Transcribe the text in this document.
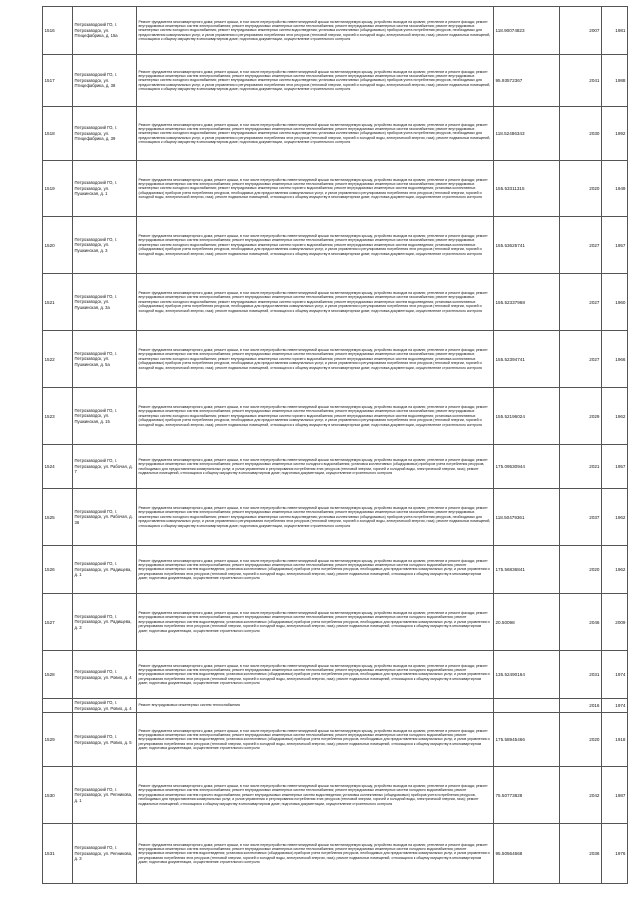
1516	Петрозаводский ГО, г. Петрозаводск, ул. Птицефабрика, д. 15а	Ремонт фундамента многоквартирного дома; ремонт крыши, в том числе переустройство невентилируемой крыши на вентилируемую крышу, устройство выходов на кровлю; утепление и ремонт фасада; ремонт внутридомовых инженерных систем электроснабжения; ремонт внутридомовых инженерных систем теплоснабжения; ремонт внутридомовых инженерных систем газоснабжения; ремонт внутридомовых инженерных систем холодного водоснабжения; ремонт внутридомовых инженерных систем водоотведения; установка коллективных (общедомовых) приборов учета потребления ресурсов, необходимых для предоставления коммунальных услуг, и узлов управления и регулирования потребления этих ресурсов (тепловой энергии, горячей и холодной воды, электрической энергии, газа); ремонт подвальных помещений, относящихся к общему имуществу в многоквартирном доме; подготовка документации, осуществление строительного контроля	118.90074823	2007	1981
1517	Петрозаводский ГО, г. Петрозаводск, ул. Птицефабрика, д. 38	Ремонт фундамента многоквартирного дома; ремонт крыши, в том числе переустройство невентилируемой крыши на вентилируемую крышу, устройство выходов на кровлю; утепление и ремонт фасада; ремонт внутридомовых инженерных систем электроснабжения; ремонт внутридомовых инженерных систем теплоснабжения; ремонт внутридомовых инженерных систем газоснабжения; ремонт внутридомовых инженерных систем холодного водоснабжения; ремонт внутридомовых инженерных систем водоотведения; установка коллективных (общедомовых) приборов учета потребления ресурсов, необходимых для предоставления коммунальных услуг, и узлов управления и регулирования потребления этих ресурсов (тепловой энергии, горячей и холодной воды, электрической энергии, газа); ремонт подвальных помещений, относящихся к общему имуществу в многоквартирном доме; подготовка документации, осуществление строительного контроля	95.93572367	2041	1988
1518	Петрозаводский ГО, г. Петрозаводск, ул. Птицефабрика, д. 39	Ремонт фундамента многоквартирного дома; ремонт крыши, в том числе переустройство невентилируемой крыши на вентилируемую крышу, устройство выходов на кровлю; утепление и ремонт фасада; ремонт внутридомовых инженерных систем электроснабжения; ремонт внутридомовых инженерных систем теплоснабжения; ремонт внутридомовых инженерных систем газоснабжения; ремонт внутридомовых инженерных систем холодного водоснабжения; ремонт внутридомовых инженерных систем водоотведения; установка коллективных (общедомовых) приборов учета потребления ресурсов, необходимых для предоставления коммунальных услуг, и узлов управления и регулирования потребления этих ресурсов (тепловой энергии, горячей и холодной воды, электрической энергии, газа); ремонт подвальных помещений, относящихся к общему имуществу в многоквартирном доме; подготовка документации, осуществление строительного контроля	118.52486343	2030	1992
1519	Петрозаводский ГО, г. Петрозаводск, ул. Пушкинская, д. 1	Ремонт фундамента многоквартирного дома; ремонт крыши, в том числе переустройство невентилируемой крыши на вентилируемую крышу, устройство выходов на кровлю; утепление и ремонт фасада; ремонт внутридомовых инженерных систем электроснабжения; ремонт внутридомовых инженерных систем теплоснабжения; ремонт внутридомовых инженерных систем газоснабжения; ремонт внутридомовых инженерных систем холодного водоснабжения; ремонт внутридомовых инженерных систем горячего водоснабжения; ремонт внутридомовых инженерных систем водоотведения; установка коллективных (общедомовых) приборов учета потребления ресурсов, необходимых для предоставления коммунальных услуг, и узлов управления и регулирования потребления этих ресурсов (тепловой энергии, горячей и холодной воды, электрической энергии, газа); ремонт подвальных помещений, относящихся к общему имуществу в многоквартирном доме; подготовка документации, осуществление строительного контроля	155.53311315	2020	1949
1520	Петрозаводский ГО, г. Петрозаводск, ул. Пушкинская, д. 3	Ремонт фундамента многоквартирного дома; ремонт крыши, в том числе переустройство невентилируемой крыши на вентилируемую крышу, устройство выходов на кровлю; утепление и ремонт фасада; ремонт внутридомовых инженерных систем электроснабжения; ремонт внутридомовых инженерных систем теплоснабжения; ремонт внутридомовых инженерных систем газоснабжения; ремонт внутридомовых инженерных систем холодного водоснабжения; ремонт внутридомовых инженерных систем горячего водоснабжения; ремонт внутридомовых инженерных систем водоотведения; установка коллективных (общедомовых) приборов учета потребления ресурсов, необходимых для предоставления коммунальных услуг, и узлов управления и регулирования потребления этих ресурсов (тепловой энергии, горячей и холодной воды, электрической энергии, газа); ремонт подвальных помещений, относящихся к общему имуществу в многоквартирном доме; подготовка документации, осуществление строительного контроля	155.53625741	2027	1957
1521	Петрозаводский ГО, г. Петрозаводск, ул. Пушкинская, д. 3а	Ремонт фундамента многоквартирного дома; ремонт крыши, в том числе переустройство невентилируемой крыши на вентилируемую крышу, устройство выходов на кровлю; утепление и ремонт фасада; ремонт внутридомовых инженерных систем электроснабжения; ремонт внутридомовых инженерных систем теплоснабжения; ремонт внутридомовых инженерных систем газоснабжения; ремонт внутридомовых инженерных систем холодного водоснабжения; ремонт внутридомовых инженерных систем горячего водоснабжения; ремонт внутридомовых инженерных систем водоотведения; установка коллективных (общедомовых) приборов учета потребления ресурсов, необходимых для предоставления коммунальных услуг, и узлов управления и регулирования потребления этих ресурсов (тепловой энергии, горячей и холодной воды, электрической энергии, газа); ремонт подвальных помещений, относящихся к общему имуществу в многоквартирном доме; подготовка документации, осуществление строительного контроля	155.52337968	2027	1960
1522	Петрозаводский ГО, г. Петрозаводск, ул. Пушкинская, д. 5а	Ремонт фундамента многоквартирного дома; ремонт крыши, в том числе переустройство невентилируемой крыши на вентилируемую крышу, устройство выходов на кровлю; утепление и ремонт фасада; ремонт внутридомовых инженерных систем электроснабжения; ремонт внутридомовых инженерных систем теплоснабжения; ремонт внутридомовых инженерных систем газоснабжения; ремонт внутридомовых инженерных систем холодного водоснабжения; ремонт внутридомовых инженерных систем горячего водоснабжения; ремонт внутридомовых инженерных систем водоотведения; установка коллективных (общедомовых) приборов учета потребления ресурсов, необходимых для предоставления коммунальных услуг, и узлов управления и регулирования потребления этих ресурсов (тепловой энергии, горячей и холодной воды, электрической энергии, газа); ремонт подвальных помещений, относящихся к общему имуществу в многоквартирном доме; подготовка документации, осуществление строительного контроля	155.52394741	2027	1966
1523	Петрозаводский ГО, г. Петрозаводск, ул. Пушкинская, д. 15	Ремонт фундамента многоквартирного дома; ремонт крыши, в том числе переустройство невентилируемой крыши на вентилируемую крышу, устройство выходов на кровлю; утепление и ремонт фасада; ремонт внутридомовых инженерных систем электроснабжения; ремонт внутридомовых инженерных систем теплоснабжения; ремонт внутридомовых инженерных систем газоснабжения; ремонт внутридомовых инженерных систем холодного водоснабжения; ремонт внутридомовых инженерных систем горячего водоснабжения; ремонт внутридомовых инженерных систем водоотведения; установка коллективных (общедомовых) приборов учета потребления ресурсов, необходимых для предоставления коммунальных услуг, и узлов управления и регулирования потребления этих ресурсов (тепловой энергии, горячей и холодной воды, электрической энергии, газа); ремонт подвальных помещений, относящихся к общему имуществу в многоквартирном доме; подготовка документации, осуществление строительного контроля	155.52196024	2029	1962
1524	Петрозаводский ГО, г. Петрозаводск, ул. Рабочая, д. 7	Ремонт фундамента многоквартирного дома; ремонт крыши, в том числе переустройство невентилируемой крыши на вентилируемую крышу, устройство выходов на кровлю; утепление и ремонт фасада; ремонт внутридомовых инженерных систем электроснабжения; ремонт внутридомовых инженерных систем холодного водоснабжения; установка коллективных (общедомовых) приборов учета потребления ресурсов, необходимых для предоставления коммунальных услуг, и узлов управления и регулирования потребления этих ресурсов (тепловой энергии, горячей и холодной воды, электрической энергии, газа); ремонт подвальных помещений, относящихся к общему имуществу в многоквартирном доме; подготовка документации, осуществление строительного контроля	175.09530944	2021	1957
1525	Петрозаводский ГО, г. Петрозаводск, ул. Рабочая, д. 36	Ремонт фундамента многоквартирного дома; ремонт крыши, в том числе переустройство невентилируемой крыши на вентилируемую крышу, устройство выходов на кровлю; утепление и ремонт фасада; ремонт внутридомовых инженерных систем электроснабжения; ремонт внутридомовых инженерных систем теплоснабжения; ремонт внутридомовых инженерных систем газоснабжения; ремонт внутридомовых инженерных систем холодного водоснабжения; ремонт внутридомовых инженерных систем водоотведения; установка коллективных (общедомовых) приборов учета потребления ресурсов, необходимых для предоставления коммунальных услуг, и узлов управления и регулирования потребления этих ресурсов (тепловой энергии, горячей и холодной воды, электрической энергии, газа); ремонт подвальных помещений, относящихся к общему имуществу в многоквартирном доме; подготовка документации, осуществление строительного контроля	118.50479361	2037	1962
1526	Петрозаводский ГО, г. Петрозаводск, ул. Радищева, д. 1	Ремонт фундамента многоквартирного дома; ремонт крыши, в том числе переустройство невентилируемой крыши на вентилируемую крышу, устройство выходов на кровлю; утепление и ремонт фасада; ремонт внутридомовых инженерных систем электроснабжения; ремонт внутридомовых инженерных систем теплоснабжения; ремонт внутридомовых инженерных систем холодного водоснабжения; ремонт внутридомовых инженерных систем водоотведения; установка коллективных (общедомовых) приборов учета потребления ресурсов, необходимых для предоставления коммунальных услуг, и узлов управления и регулирования потребления этих ресурсов (тепловой энергии, горячей и холодной воды, электрической энергии, газа); ремонт подвальных помещений, относящихся к общему имуществу в многоквартирном доме; подготовка документации, осуществление строительного контроля	175.56836841	2020	1962
1527	Петрозаводский ГО, г. Петрозаводск, ул. Радищева, д. 3	Ремонт фундамента многоквартирного дома; ремонт крыши, в том числе переустройство невентилируемой крыши на вентилируемую крышу, устройство выходов на кровлю; утепление и ремонт фасада; ремонт внутридомовых инженерных систем электроснабжения; ремонт внутридомовых инженерных систем теплоснабжения; ремонт внутридомовых инженерных систем холодного водоснабжения; ремонт внутридомовых инженерных систем водоотведения; установка коллективных (общедомовых) приборов учета потребления ресурсов, необходимых для предоставления коммунальных услуг, и узлов управления и регулирования потребления этих ресурсов (тепловой энергии, горячей и холодной воды, электрической энергии, газа); ремонт подвальных помещений, относящихся к общему имуществу в многоквартирном доме; подготовка документации, осуществление строительного контроля	20.50098	2046	2009
1528	Петрозаводский ГО, г. Петрозаводск, ул. Ровио, д. 4	Ремонт фундамента многоквартирного дома; ремонт крыши, в том числе переустройство невентилируемой крыши на вентилируемую крышу, устройство выходов на кровлю; утепление и ремонт фасада; ремонт внутридомовых инженерных систем электроснабжения; ремонт внутридомовых инженерных систем теплоснабжения; ремонт внутридомовых инженерных систем холодного водоснабжения; ремонт внутридомовых инженерных систем водоотведения; установка коллективных (общедомовых) приборов учета потребления ресурсов, необходимых для предоставления коммунальных услуг, и узлов управления и регулирования потребления этих ресурсов (тепловой энергии, горячей и холодной воды, электрической энергии, газа); ремонт подвальных помещений, относящихся к общему имуществу в многоквартирном доме; подготовка документации, осуществление строительного контроля	135.52490164	2031	1974
	Петрозаводский ГО, г. Петрозаводск, ул. Ровио, д. 4	Ремонт внутридомовых инженерных систем теплоснабжения		2016	1974
1529	Петрозаводский ГО, г. Петрозаводск, ул. Ровио, д. 5	Ремонт фундамента многоквартирного дома; ремонт крыши, в том числе переустройство невентилируемой крыши на вентилируемую крышу, устройство выходов на кровлю; утепление и ремонт фасада; ремонт внутридомовых инженерных систем электроснабжения; ремонт внутридомовых инженерных систем теплоснабжения; ремонт внутридомовых инженерных систем холодного водоснабжения; ремонт внутридомовых инженерных систем водоотведения; установка коллективных (общедомовых) приборов учета потребления ресурсов, необходимых для предоставления коммунальных услуг, и узлов управления и регулирования потребления этих ресурсов (тепловой энергии, горячей и холодной воды, электрической энергии, газа); ремонт подвальных помещений, относящихся к общему имуществу в многоквартирном доме; подготовка документации, осуществление строительного контроля	175.58945466	2020	1918
1530	Петрозаводский ГО, г. Петрозаводск, ул. Репникова, д. 1	Ремонт фундамента многоквартирного дома; ремонт крыши, в том числе переустройство невентилируемой крыши на вентилируемую крышу, устройство выходов на кровлю; утепление и ремонт фасада; ремонт внутридомовых инженерных систем электроснабжения; ремонт внутридомовых инженерных систем теплоснабжения; ремонт внутридомовых инженерных систем холодного водоснабжения; ремонт внутридомовых инженерных систем горячего водоснабжения; ремонт внутридомовых инженерных систем водоотведения; установка коллективных (общедомовых) приборов учета потребления ресурсов, необходимых для предоставления коммунальных услуг, и узлов управления и регулирования потребления этих ресурсов (тепловой энергии, горячей и холодной воды, электрической энергии, газа); ремонт подвальных помещений, относящихся к общему имуществу в многоквартирном доме; подготовка документации, осуществление строительного контроля	75.50773828	2042	1987
1531	Петрозаводский ГО, г. Петрозаводск, ул. Репникова, д. 3	Ремонт фундамента многоквартирного дома; ремонт крыши, в том числе переустройство невентилируемой крыши на вентилируемую крышу, устройство выходов на кровлю; утепление и ремонт фасада; ремонт внутридомовых инженерных систем электроснабжения; ремонт внутридомовых инженерных систем теплоснабжения; ремонт внутридомовых инженерных систем холодного водоснабжения; ремонт внутридомовых инженерных систем водоотведения; установка коллективных (общедомовых) приборов учета потребления ресурсов, необходимых для предоставления коммунальных услуг, и узлов управления и регулирования потребления этих ресурсов (тепловой энергии, горячей и холодной воды, электрической энергии, газа); ремонт подвальных помещений, относящихся к общему имуществу в многоквартирном доме; подготовка документации, осуществление строительного контроля	95.50564668	2036	1976
